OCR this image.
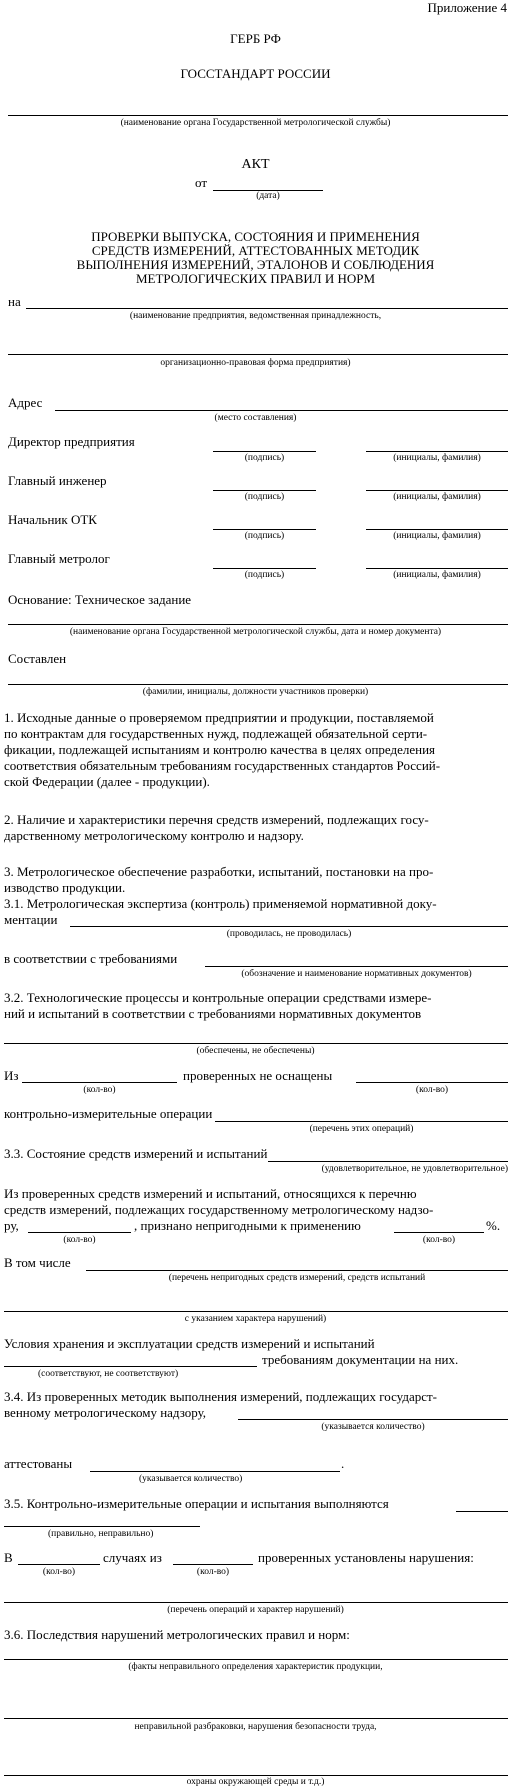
Приложение 4
ГЕРБ РФ
ГОССТАНДАРТ РОССИИ
(наименование органа Государственной метрологической службы)
АКТ
от
(дата)
ПРОВЕРКИ ВЫПУСКА, СОСТОЯНИЯ И ПРИМЕНЕНИЯ
СРЕДСТВ ИЗМЕРЕНИЙ, АТТЕСТОВАННЫХ МЕТОДИК
ВЫПОЛНЕНИЯ ИЗМЕРЕНИЙ, ЭТАЛОНОВ И СОБЛЮДЕНИЯ
МЕТРОЛОГИЧЕСКИХ ПРАВИЛ И НОРМ
на
(наименование предприятия, ведомственная принадлежность,
организационно-правовая форма предприятия)
Адрес
(место составления)
Директор предприятия
(подпись)	(инициалы, фамилия)
Главный инженер
(подпись)	(инициалы, фамилия)
Начальник ОТК
(подпись)	(инициалы, фамилия)
Главный метролог
(подпись)	(инициалы, фамилия)
Основание: Техническое задание
(наименование органа Государственной метрологической службы, дата и номер документа)
Составлен
(фамилии, инициалы, должности участников проверки)
1. Исходные данные о проверяемом предприятии и продукции, поставляемой
по контрактам для государственных нужд, подлежащей обязательной серти-
фикации, подлежащей испытаниям и контролю качества в целях определения
соответствия обязательным требованиям государственных стандартов Россий-
ской Федерации (далее - продукции).
2. Наличие и характеристики перечня средств измерений, подлежащих госу-
дарственному метрологическому контролю и надзору.
3. Метрологическое обеспечение разработки, испытаний, постановки на про-
изводство продукции.
3.1. Метрологическая экспертиза (контроль) применяемой нормативной доку-
ментации
(проводилась, не проводилась)
в соответствии с требованиями
(обозначение и наименование нормативных документов)
3.2. Технологические процессы и контрольные операции средствами измере-
ний и испытаний в соответствии с требованиями нормативных документов
(обеспечены, не обеспечены)
Из
(кол-во)
проверенных не оснащены
(кол-во)
контрольно-измерительные операции
(перечень этих операций)
3.3. Состояние средств измерений и испытаний
(удовлетворительное, не удовлетворительное)
Из проверенных средств измерений и испытаний, относящихся к перечню
средств измерений, подлежащих государственному метрологическому надзо-
ру,
(кол-во)
, признано непригодными к применению
(кол-во)
%.
В том числе
(перечень непригодных средств измерений, средств испытаний
с указанием характера нарушений)
Условия хранения и эксплуатации средств измерений и испытаний
требованиям документации на них.
(соответствуют, не соответствуют)
3.4. Из проверенных методик выполнения измерений, подлежащих государст-
венному метрологическому надзору,
(указывается количество)
аттестованы	.
(указывается количество)
3.5. Контрольно-измерительные операции и испытания выполняются
(правильно, неправильно)
В
(кол-во)
случаях из
(кол-во)
проверенных установлены нарушения:
(перечень операций и характер нарушений)
3.6. Последствия нарушений метрологических правил и норм:
(факты неправильного определения характеристик продукции,
неправильной разбраковки, нарушения безопасности труда,
охраны окружающей среды и т.д.)
